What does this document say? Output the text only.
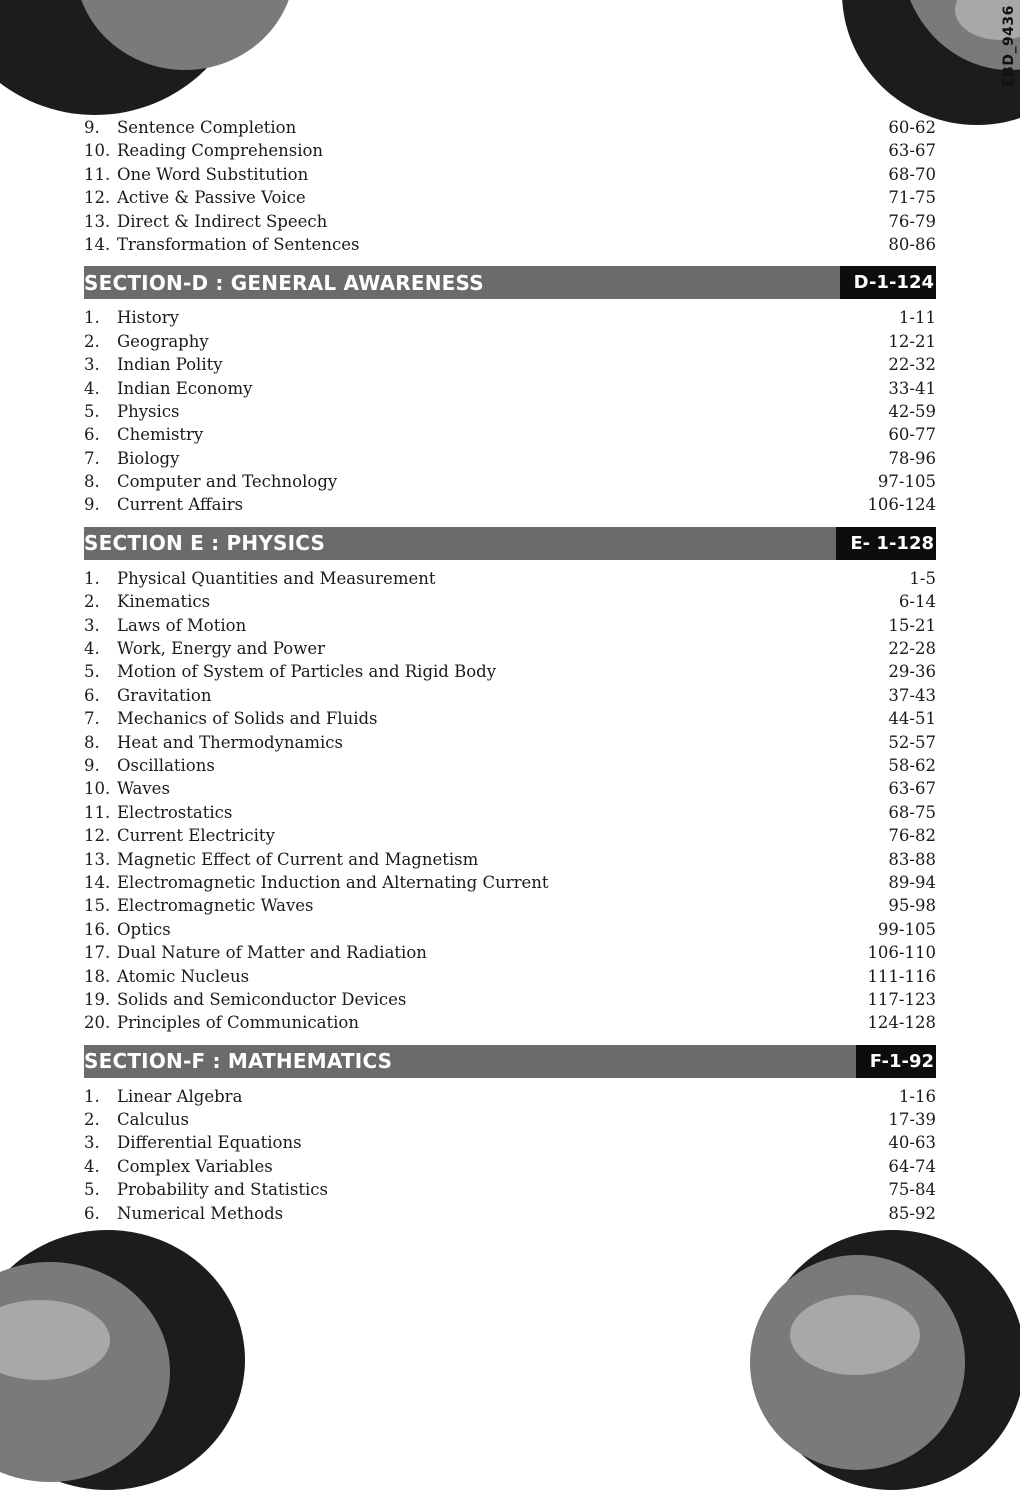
EBD_9436
9.	Sentence Completion	60-62
10. Reading Comprehension	63-67
11. One Word Substitution	68-70
12. Active & Passive Voice	71-75
13. Direct & Indirect Speech	76-79
14. Transformation of Sentences	80-86
SECTION-D : GENERAL AWARENESS	D-1-124
1.	History	1-11
2.	Geography	12-21
3.	Indian Polity	22-32
4.	Indian Economy	33-41
5.	Physics	42-59
6.	Chemistry	60-77
7.	Biology	78-96
8.	Computer and Technology	97-105
9.	Current Affairs	106-124
SECTION E : PHYSICS	E- 1-128
1.	Physical Quantities and Measurement	1-5
2.	Kinematics	6-14
3.	Laws of Motion	15-21
4.	Work, Energy and Power	22-28
5.	Motion of System of Particles and Rigid Body	29-36
6.	Gravitation	37-43
7.	Mechanics of Solids and Fluids	44-51
8.	Heat and Thermodynamics	52-57
9.	Oscillations	58-62
10. Waves	63-67
11. Electrostatics	68-75
12. Current Electricity	76-82
13. Magnetic Effect of Current and Magnetism	83-88
14. Electromagnetic Induction and Alternating Current	89-94
15. Electromagnetic Waves	95-98
16. Optics	99-105
17. Dual Nature of Matter and Radiation	106-110
18. Atomic Nucleus	111-116
19. Solids and Semiconductor Devices	117-123
20. Principles of Communication	124-128
SECTION-F : MATHEMATICS	F-1-92
1.	Linear Algebra	1-16
2.	Calculus	17-39
3.	Differential Equations	40-63
4.	Complex Variables	64-74
5.	Probability and Statistics	75-84
6.	Numerical Methods	85-92
